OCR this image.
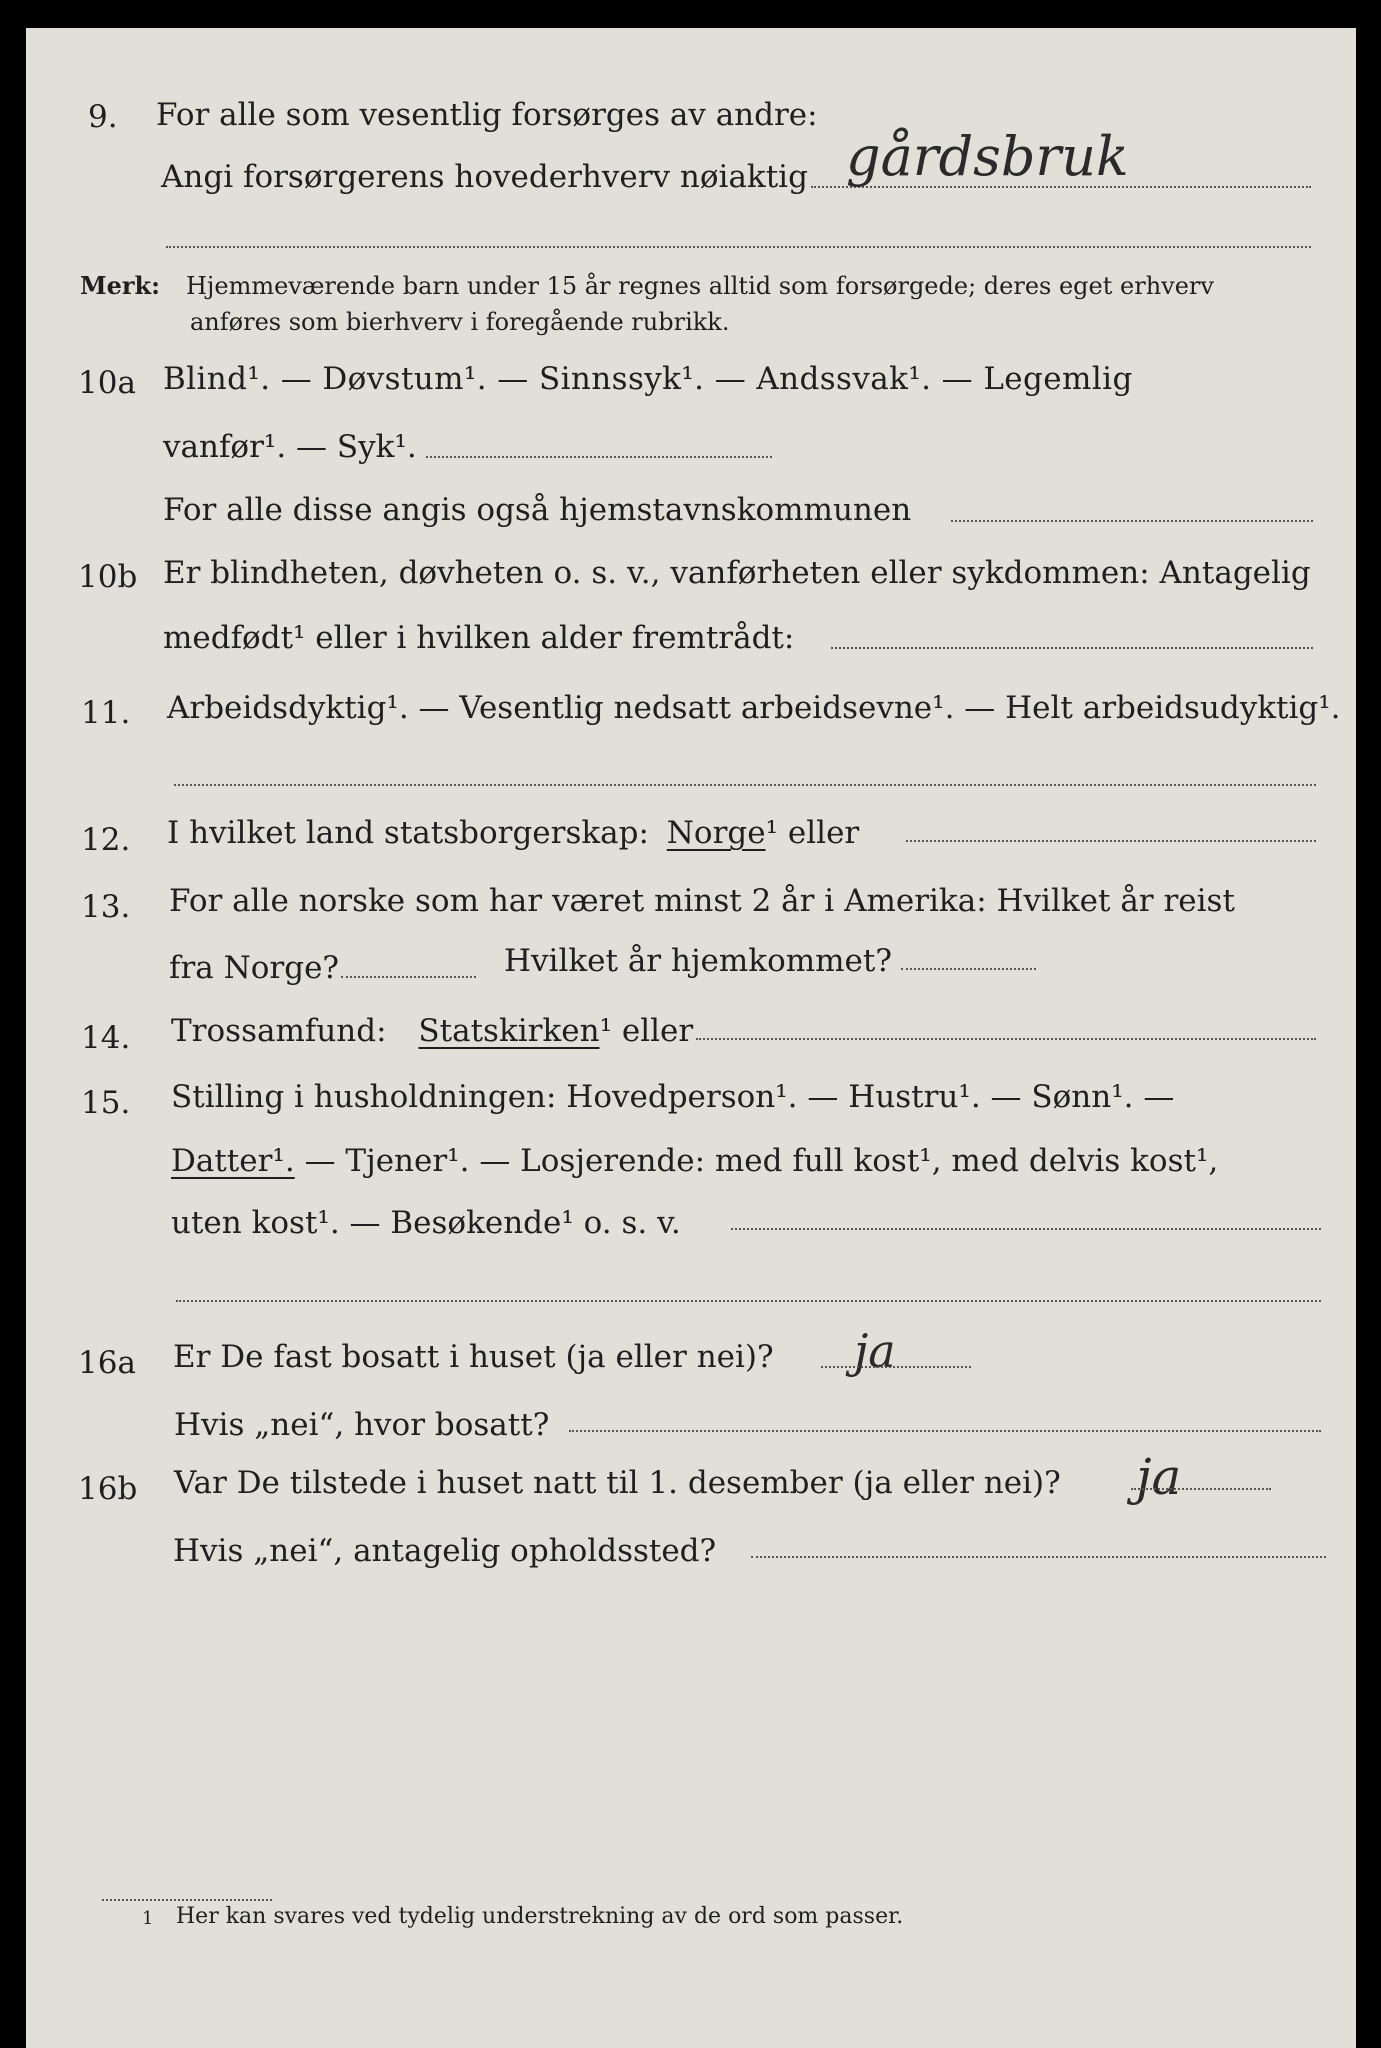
9. For alle som vesentlig forsørges av andre:
Angi forsørgerens hovederhverv nøiaktig gårdsbruk
Merk: Hjemmeværende barn under 15 år regnes alltid som forsørgede; deres eget erhverv
anføres som bierhverv i foregående rubrikk.
10a Blind¹. — Døvstum¹. — Sinnssyk¹. — Andssvak¹. — Legemlig
vanfør¹. — Syk¹.
For alle disse angis også hjemstavnskommunen
10b Er blindheten, døvheten o. s. v., vanførheten eller sykdommen: Antagelig
medfødt¹ eller i hvilken alder fremtrådt:
11. Arbeidsdyktig¹. — Vesentlig nedsatt arbeidsevne¹. — Helt arbeidsudyktig¹.
12. I hvilket land statsborgerskap: Norge¹ eller
13. For alle norske som har været minst 2 år i Amerika: Hvilket år reist
fra Norge?	Hvilket år hjemkommet?
14. Trossamfund: Statskirken¹ eller
15. Stilling i husholdningen: Hovedperson¹. — Hustru¹. — Sønn¹. —
Datter¹. — Tjener¹. — Losjerende: med full kost¹, med delvis kost¹,
uten kost¹. — Besøkende¹ o. s. v.
16a Er De fast bosatt i huset (ja eller nei)? ja
Hvis „nei“, hvor bosatt?
16b Var De tilstede i huset natt til 1. desember (ja eller nei)? ja
Hvis „nei“, antagelig opholdssted?
1 Her kan svares ved tydelig understrekning av de ord som passer.
